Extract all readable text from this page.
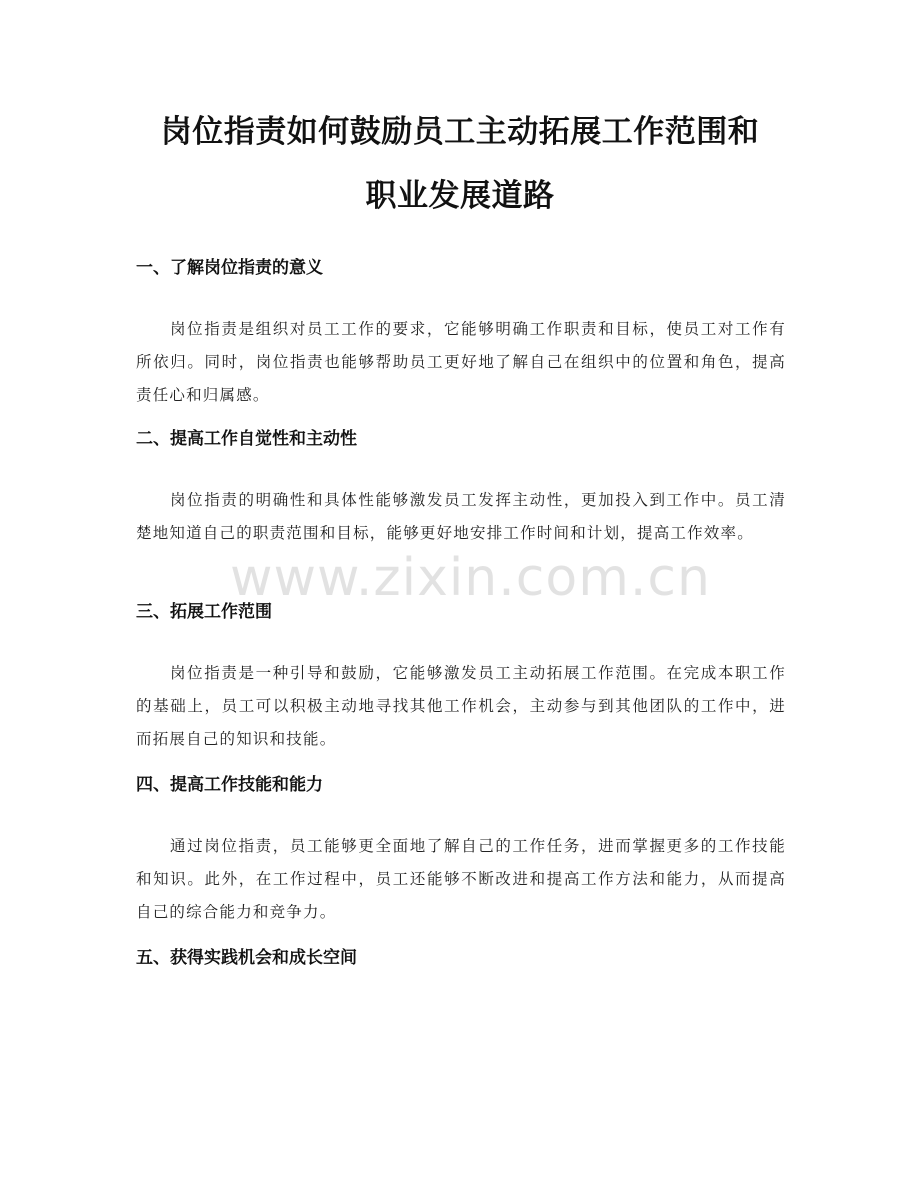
岗位指责如何鼓励员工主动拓展工作范围和
职业发展道路
一、了解岗位指责的意义

岗位指责是组织对员工工作的要求，它能够明确工作职责和目标，使员工对工作有所依归。同时，岗位指责也能够帮助员工更好地了解自己在组织中的位置和角色，提高责任心和归属感。

二、提高工作自觉性和主动性

岗位指责的明确性和具体性能够激发员工发挥主动性，更加投入到工作中。员工清楚地知道自己的职责范围和目标，能够更好地安排工作时间和计划，提高工作效率。

三、拓展工作范围

岗位指责是一种引导和鼓励，它能够激发员工主动拓展工作范围。在完成本职工作的基础上，员工可以积极主动地寻找其他工作机会，主动参与到其他团队的工作中，进而拓展自己的知识和技能。

四、提高工作技能和能力

通过岗位指责，员工能够更全面地了解自己的工作任务，进而掌握更多的工作技能和知识。此外，在工作过程中，员工还能够不断改进和提高工作方法和能力，从而提高自己的综合能力和竞争力。

五、获得实践机会和成长空间
www.zixin.com.cn
